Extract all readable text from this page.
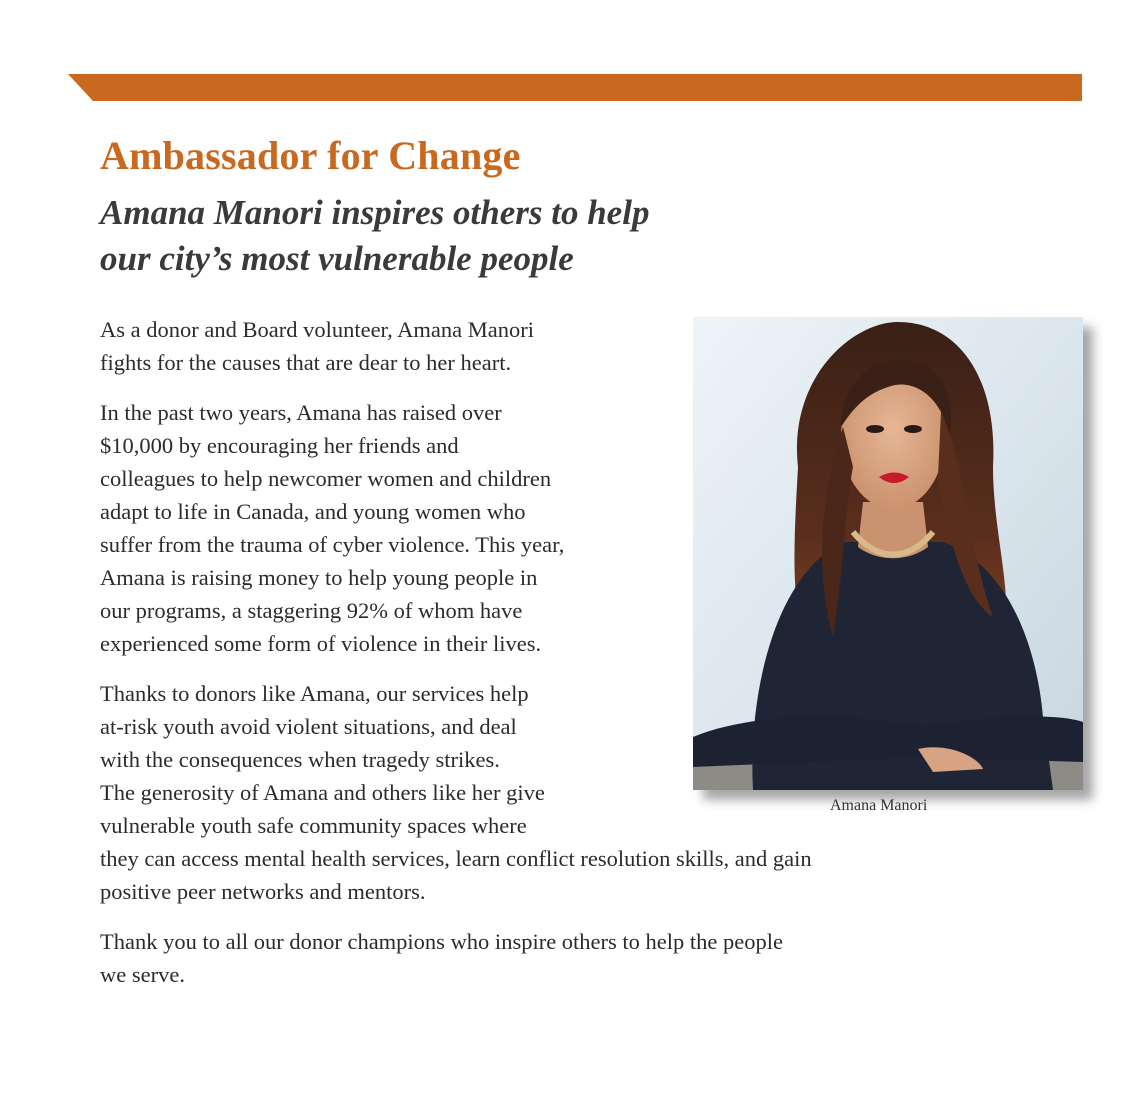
Ambassador for Change
Amana Manori inspires others to help
our city’s most vulnerable people

As a donor and Board volunteer, Amana Manori
fights for the causes that are dear to her heart.

In the past two years, Amana has raised over
$10,000 by encouraging her friends and
colleagues to help newcomer women and children
adapt to life in Canada, and young women who
suffer from the trauma of cyber violence. This year,
Amana is raising money to help young people in
our programs, a staggering 92% of whom have
experienced some form of violence in their lives.

Thanks to donors like Amana, our services help
at-risk youth avoid violent situations, and deal
with the consequences when tragedy strikes.
The generosity of Amana and others like her give
vulnerable youth safe community spaces where
they can access mental health services, learn conflict resolution skills, and gain
positive peer networks and mentors.

Thank you to all our donor champions who inspire others to help the people
we serve.

Amana Manori
